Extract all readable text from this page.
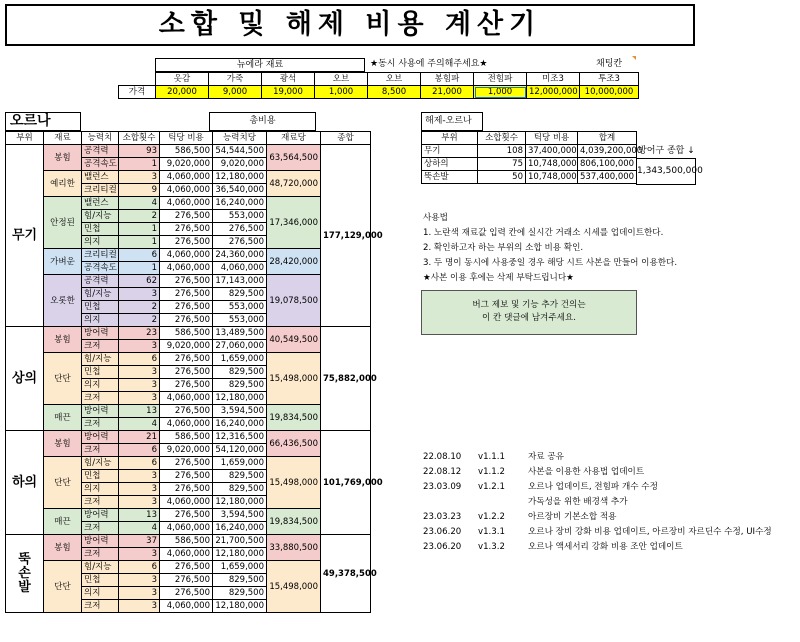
소합 및 해제 비용 계산기
뉴에라 재료	★동시 사용에 주의해주세요★	채팅칸
	옷감	가죽	광석	오브	오브	봉힘파	전힘파	미조3	투조3
가격	20,000	9,000	19,000	1,000	8,500	21,000	1,000	12,000,000	10,000,000
오르나	총비용
부위	재료	능력치	소합횟수	틱당 비용	능력치당	재료당	종합
무기	봉힘	공격력	93	586,500	54,544,500	63,564,500	177,129,000
		공격속도	1	9,020,000	9,020,000		
	예리한	밸런스	3	4,060,000	12,180,000	48,720,000	
		크리티컬	9	4,060,000	36,540,000		
	안정된	밸런스	4	4,060,000	16,240,000	17,346,000	
		힘/지능	2	276,500	553,000		
		민첩	1	276,500	276,500		
		의지	1	276,500	276,500		
	가벼운	크리티컬	6	4,060,000	24,360,000	28,420,000	
		공격속도	1	4,060,000	4,060,000		
	오롯한	공격력	62	276,500	17,143,000	19,078,500	
		힘/지능	3	276,500	829,500		
		민첩	2	276,500	553,000		
		의지	2	276,500	553,000		
상의	봉힘	방어력	23	586,500	13,489,500	40,549,500	75,882,000
		크저	3	9,020,000	27,060,000		
	단단	힘/지능	6	276,500	1,659,000	15,498,000	
		민첩	3	276,500	829,500		
		의지	3	276,500	829,500		
		크저	3	4,060,000	12,180,000		
	매끈	방어력	13	276,500	3,594,500	19,834,500	
		크저	4	4,060,000	16,240,000		
하의	봉힘	방어력	21	586,500	12,316,500	66,436,500	101,769,000
		크저	6	9,020,000	54,120,000		
	단단	힘/지능	6	276,500	1,659,000	15,498,000	
		민첩	3	276,500	829,500		
		의지	3	276,500	829,500		
		크저	3	4,060,000	12,180,000		
	매끈	방어력	13	276,500	3,594,500	19,834,500	
		크저	4	4,060,000	16,240,000		
뚝손발	봉힘	방어력	37	586,500	21,700,500	33,880,500	49,378,500
		크저	3	4,060,000	12,180,000		
	단단	힘/지능	6	276,500	1,659,000	15,498,000	
		민첩	3	276,500	829,500		
		의지	3	276,500	829,500		
		크저	3	4,060,000	12,180,000		
해제-오르나
부위	소합횟수	틱당 비용	합계
무기	108	37,400,000	4,039,200,000
상하의	75	10,748,000	806,100,000
뚝손발	50	10,748,000	537,400,000
방어구 종합 ↓
1,343,500,000
사용법
1. 노란색 재료값 입력 칸에 실시간 거래소 시세를 업데이트한다.
2. 확인하고자 하는 부위의 소합 비용 확인.
3. 두 명이 동시에 사용중일 경우 해당 시트 사본을 만들어 이용한다.
★사본 이용 후에는 삭제 부탁드립니다★
버그 제보 및 기능 추가 건의는
이 칸 댓글에 남겨주세요.
22.08.10	v1.1.1	자료 공유
22.08.12	v1.1.2	사본을 이용한 사용법 업데이트
23.03.09	v1.2.1	오르나 업데이트, 전힘파 개수 수정
		가독성을 위한 배경색 추가
23.03.23	v1.2.2	아르장비 기본소합 적용
23.06.20	v1.3.1	오르나 장비 강화 비용 업데이트, 아르장비 자르딘수 수정, UI수정
23.06.20	v1.3.2	오르나 액세서리 강화 비용 조안 업데이트
